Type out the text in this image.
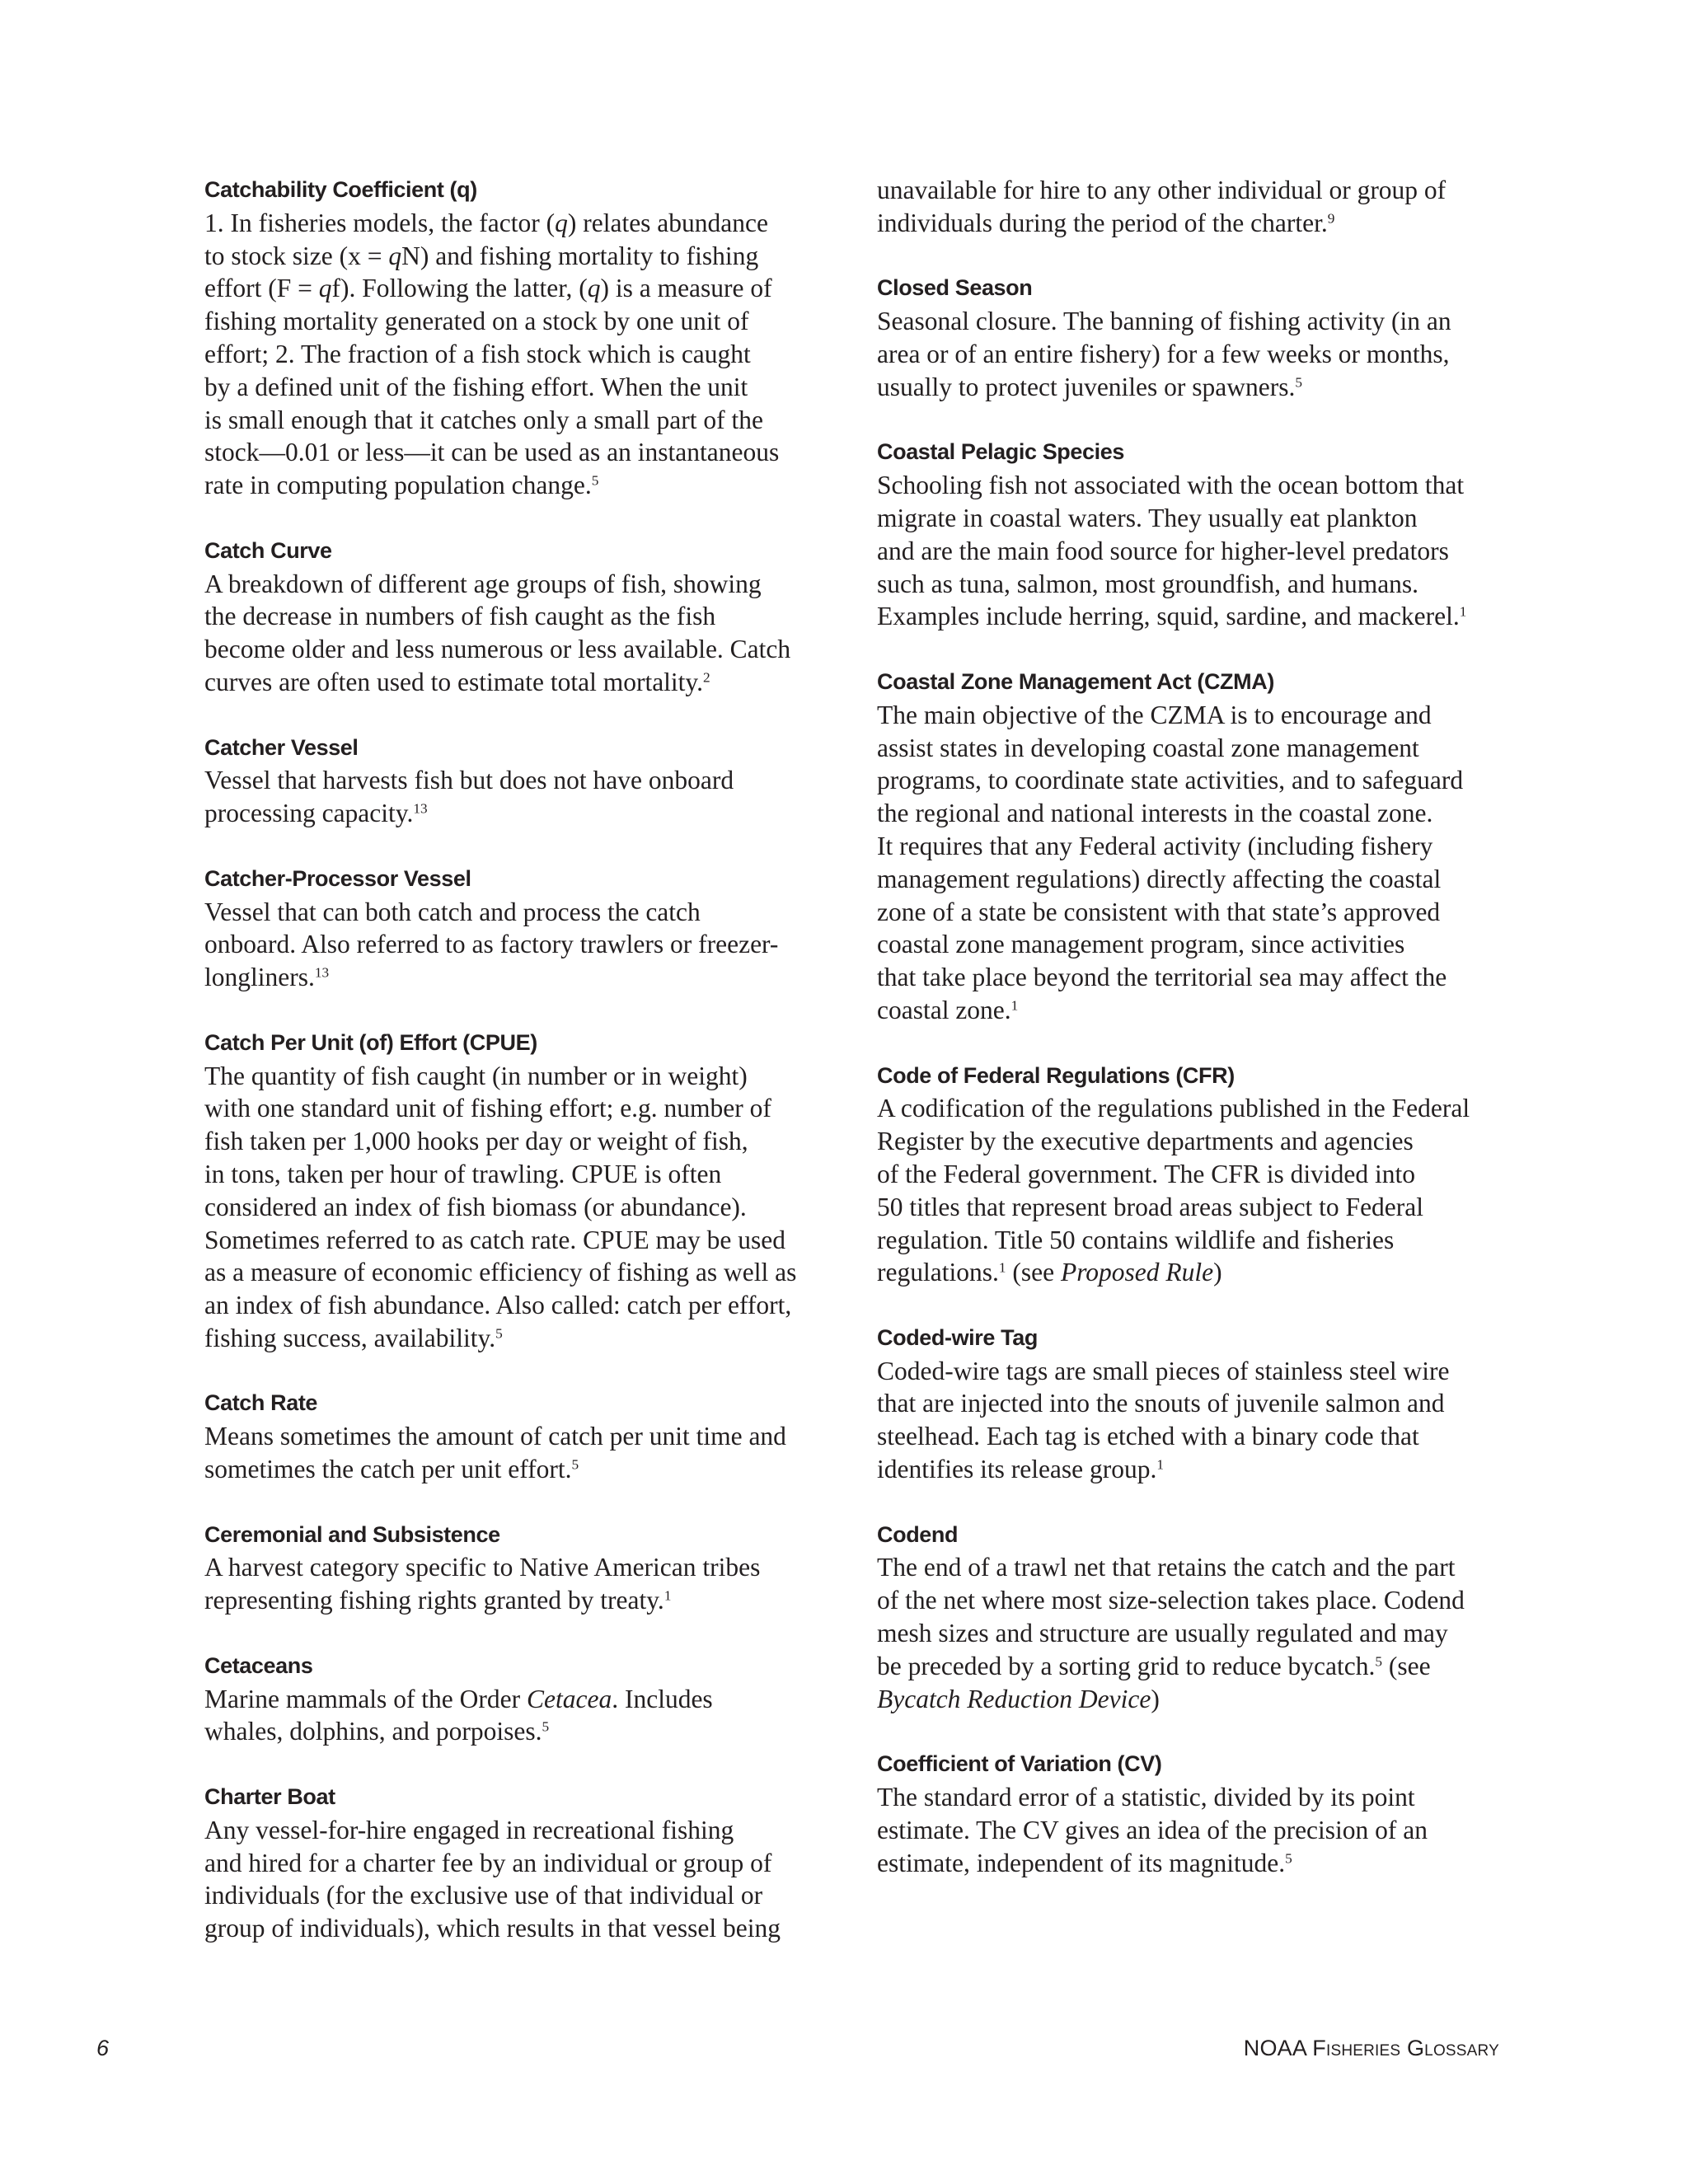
Catchability Coefficient (q)
1. In fisheries models, the factor (q) relates abundance
to stock size (x = qN) and fishing mortality to fishing
effort (F = qf). Following the latter, (q) is a measure of
fishing mortality generated on a stock by one unit of
effort; 2. The fraction of a fish stock which is caught
by a defined unit of the fishing effort. When the unit
is small enough that it catches only a small part of the
stock—0.01 or less—it can be used as an instantaneous
rate in computing population change.$^5$
Catch Curve
A breakdown of different age groups of fish, showing
the decrease in numbers of fish caught as the fish
become older and less numerous or less available. Catch
curves are often used to estimate total mortality.$^2$
Catcher Vessel
Vessel that harvests fish but does not have onboard
processing capacity.$^{13}$
Catcher-Processor Vessel
Vessel that can both catch and process the catch
onboard. Also referred to as factory trawlers or freezer-
longliners.$^{13}$
Catch Per Unit (of) Effort (CPUE)
The quantity of fish caught (in number or in weight)
with one standard unit of fishing effort; e.g. number of
fish taken per 1,000 hooks per day or weight of fish,
in tons, taken per hour of trawling. CPUE is often
considered an index of fish biomass (or abundance).
Sometimes referred to as catch rate. CPUE may be used
as a measure of economic efficiency of fishing as well as
an index of fish abundance. Also called: catch per effort,
fishing success, availability.$^5$
Catch Rate
Means sometimes the amount of catch per unit time and
sometimes the catch per unit effort.$^5$
Ceremonial and Subsistence
A harvest category specific to Native American tribes
representing fishing rights granted by treaty.$^1$
Cetaceans
Marine mammals of the Order Cetacea. Includes
whales, dolphins, and porpoises.$^5$
Charter Boat
Any vessel-for-hire engaged in recreational fishing
and hired for a charter fee by an individual or group of
individuals (for the exclusive use of that individual or
group of individuals), which results in that vessel being
unavailable for hire to any other individual or group of
individuals during the period of the charter.$^9$
Closed Season
Seasonal closure. The banning of fishing activity (in an
area or of an entire fishery) for a few weeks or months,
usually to protect juveniles or spawners.$^5$
Coastal Pelagic Species
Schooling fish not associated with the ocean bottom that
migrate in coastal waters. They usually eat plankton
and are the main food source for higher-level predators
such as tuna, salmon, most groundfish, and humans.
Examples include herring, squid, sardine, and mackerel.$^1$
Coastal Zone Management Act (CZMA)
The main objective of the CZMA is to encourage and
assist states in developing coastal zone management
programs, to coordinate state activities, and to safeguard
the regional and national interests in the coastal zone.
It requires that any Federal activity (including fishery
management regulations) directly affecting the coastal
zone of a state be consistent with that state’s approved
coastal zone management program, since activities
that take place beyond the territorial sea may affect the
coastal zone.$^1$
Code of Federal Regulations (CFR)
A codification of the regulations published in the Federal
Register by the executive departments and agencies
of the Federal government. The CFR is divided into
50 titles that represent broad areas subject to Federal
regulation. Title 50 contains wildlife and fisheries
regulations.$^1$ (see Proposed Rule)
Coded-wire Tag
Coded-wire tags are small pieces of stainless steel wire
that are injected into the snouts of juvenile salmon and
steelhead. Each tag is etched with a binary code that
identifies its release group.$^1$
Codend
The end of a trawl net that retains the catch and the part
of the net where most size-selection takes place. Codend
mesh sizes and structure are usually regulated and may
be preceded by a sorting grid to reduce bycatch.$^5$ (see
Bycatch Reduction Device)
Coefficient of Variation (CV)
The standard error of a statistic, divided by its point
estimate. The CV gives an idea of the precision of an
estimate, independent of its magnitude.$^5$
6	NOAA Fisheries Glossary
